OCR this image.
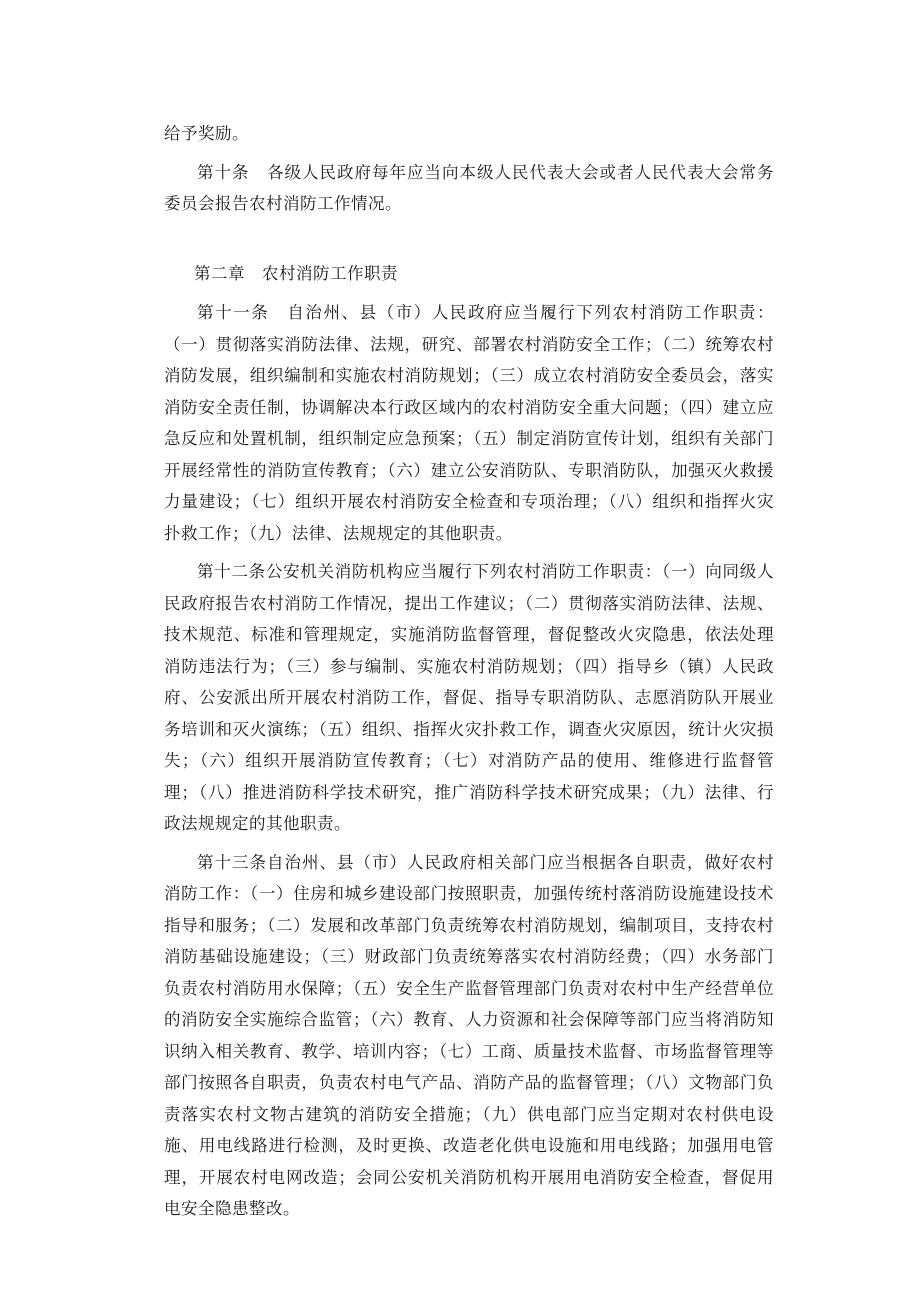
给予奖励。

第十条　各级人民政府每年应当向本级人民代表大会或者人民代表大会常务委员会报告农村消防工作情况。

第二章　农村消防工作职责

第十一条　自治州、县（市）人民政府应当履行下列农村消防工作职责：（一）贯彻落实消防法律、法规，研究、部署农村消防安全工作；（二）统筹农村消防发展，组织编制和实施农村消防规划；（三）成立农村消防安全委员会，落实消防安全责任制，协调解决本行政区域内的农村消防安全重大问题；（四）建立应急反应和处置机制，组织制定应急预案；（五）制定消防宣传计划，组织有关部门开展经常性的消防宣传教育；（六）建立公安消防队、专职消防队，加强灭火救援力量建设；（七）组织开展农村消防安全检查和专项治理；（八）组织和指挥火灾扑救工作；（九）法律、法规规定的其他职责。

第十二条公安机关消防机构应当履行下列农村消防工作职责：（一）向同级人民政府报告农村消防工作情况，提出工作建议；（二）贯彻落实消防法律、法规、技术规范、标准和管理规定，实施消防监督管理，督促整改火灾隐患，依法处理消防违法行为；（三）参与编制、实施农村消防规划；（四）指导乡（镇）人民政府、公安派出所开展农村消防工作，督促、指导专职消防队、志愿消防队开展业务培训和灭火演练；（五）组织、指挥火灾扑救工作，调查火灾原因，统计火灾损失；（六）组织开展消防宣传教育；（七）对消防产品的使用、维修进行监督管理；（八）推进消防科学技术研究，推广消防科学技术研究成果；（九）法律、行政法规规定的其他职责。

第十三条自治州、县（市）人民政府相关部门应当根据各自职责，做好农村消防工作：（一）住房和城乡建设部门按照职责，加强传统村落消防设施建设技术指导和服务；（二）发展和改革部门负责统筹农村消防规划，编制项目，支持农村消防基础设施建设；（三）财政部门负责统筹落实农村消防经费；（四）水务部门负责农村消防用水保障；（五）安全生产监督管理部门负责对农村中生产经营单位的消防安全实施综合监管；（六）教育、人力资源和社会保障等部门应当将消防知识纳入相关教育、教学、培训内容；（七）工商、质量技术监督、市场监督管理等部门按照各自职责，负责农村电气产品、消防产品的监督管理；（八）文物部门负责落实农村文物古建筑的消防安全措施；（九）供电部门应当定期对农村供电设施、用电线路进行检测，及时更换、改造老化供电设施和用电线路；加强用电管理，开展农村电网改造；会同公安机关消防机构开展用电消防安全检查，督促用电安全隐患整改。
